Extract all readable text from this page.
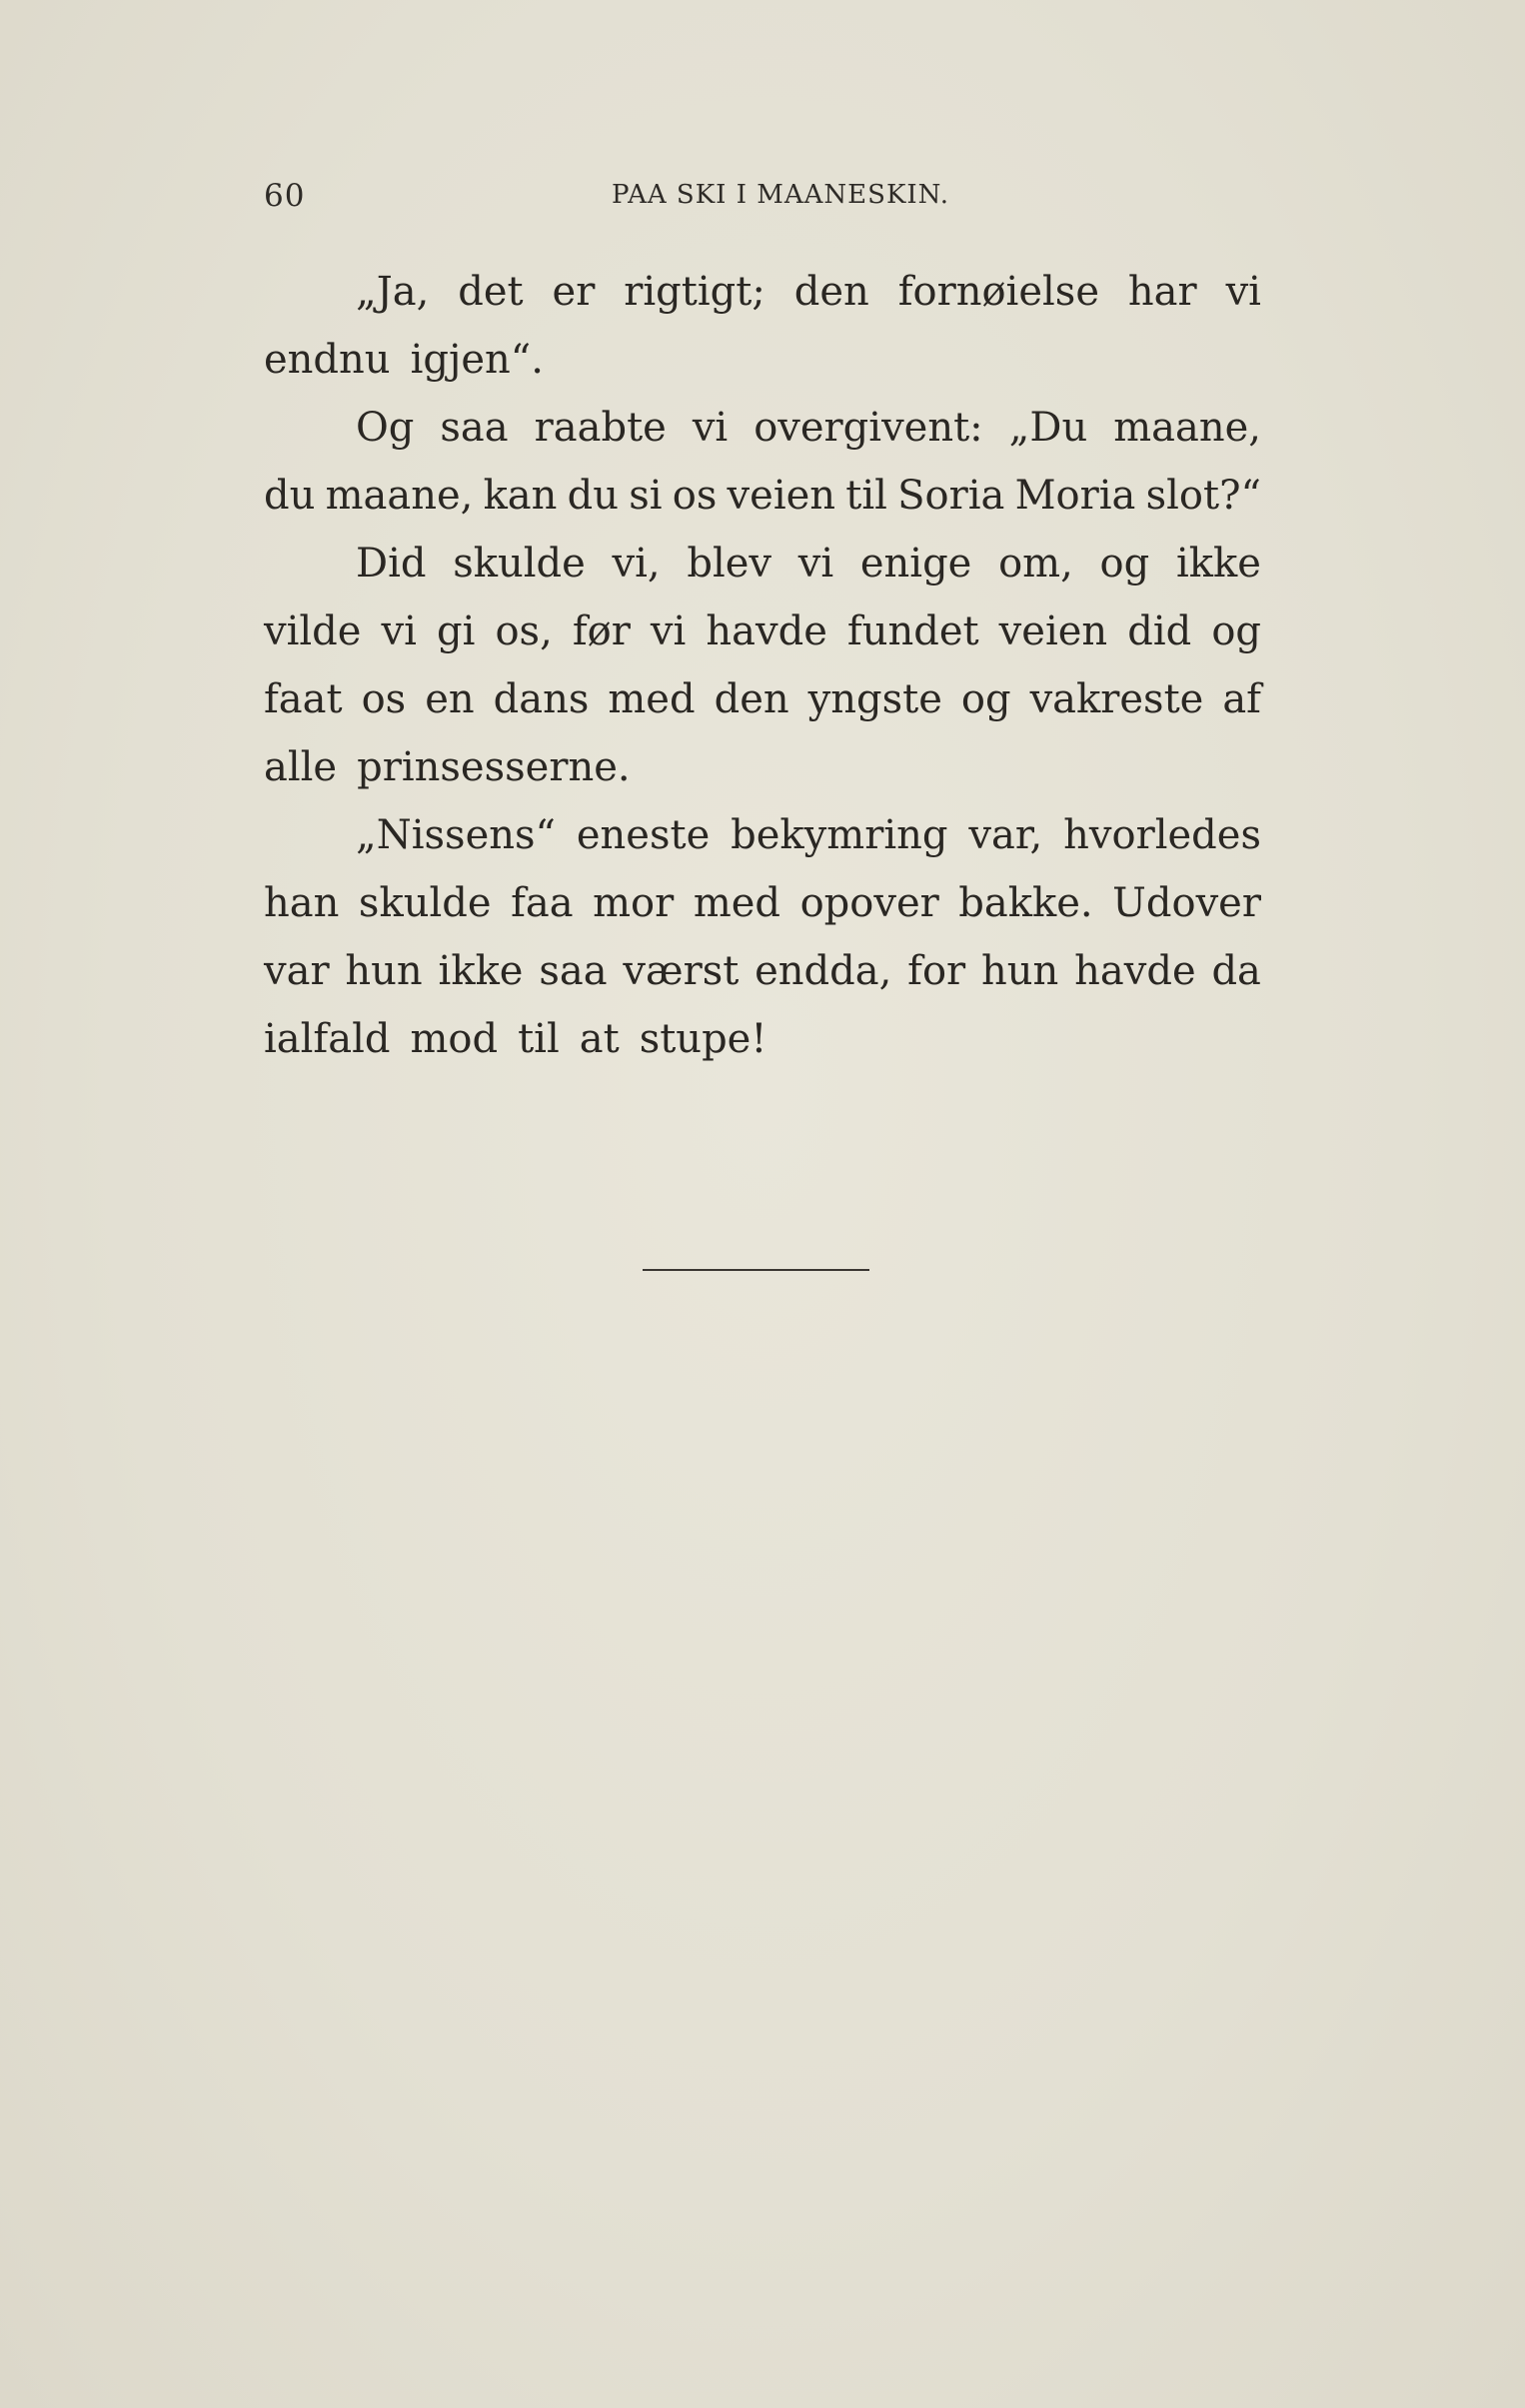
60	PAA SKI I MAANESKIN.
„Ja, det er rigtigt; den fornøielse har vi
endnu igjen“.
Og saa raabte vi overgivent: „Du maane,
du maane, kan du si os veien til Soria Moria slot?“
Did skulde vi, blev vi enige om, og ikke
vilde vi gi os, før vi havde fundet veien did og
faat os en dans med den yngste og vakreste af
alle prinsesserne.
„Nissens“ eneste bekymring var, hvorledes
han skulde faa mor med opover bakke. Udover
var hun ikke saa værst endda, for hun havde da
ialfald mod til at stupe!
